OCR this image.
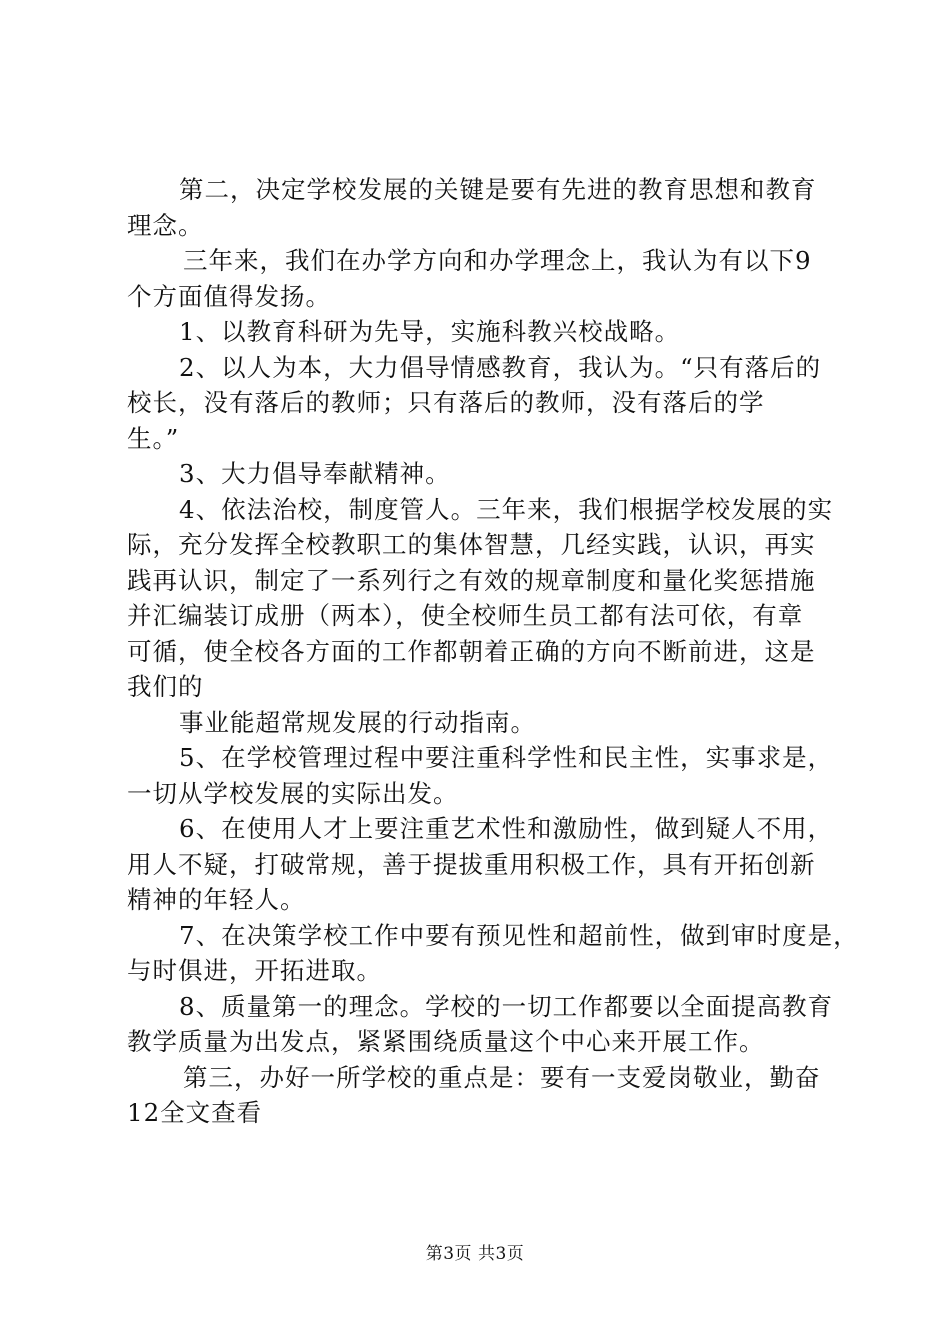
第二，决定学校发展的关键是要有先进的教育思想和教育
理念。
三年来，我们在办学方向和办学理念上，我认为有以下9
个方面值得发扬。
1、以教育科研为先导，实施科教兴校战略。
2、以人为本，大力倡导情感教育，我认为。“只有落后的
校长，没有落后的教师；只有落后的教师，没有落后的学
生。”
3、大力倡导奉献精神。
4、依法治校，制度管人。三年来，我们根据学校发展的实
际，充分发挥全校教职工的集体智慧，几经实践，认识，再实
践再认识，制定了一系列行之有效的规章制度和量化奖惩措施
并汇编装订成册（两本），使全校师生员工都有法可依，有章
可循，使全校各方面的工作都朝着正确的方向不断前进，这是
我们的
事业能超常规发展的行动指南。
5、在学校管理过程中要注重科学性和民主性，实事求是，
一切从学校发展的实际出发。
6、在使用人才上要注重艺术性和激励性，做到疑人不用，
用人不疑，打破常规，善于提拔重用积极工作，具有开拓创新
精神的年轻人。
7、在决策学校工作中要有预见性和超前性，做到审时度是，
与时俱进，开拓进取。
8、质量第一的理念。学校的一切工作都要以全面提高教育
教学质量为出发点，紧紧围绕质量这个中心来开展工作。
第三，办好一所学校的重点是：要有一支爱岗敬业，勤奋
12全文查看
第3页 共3页
